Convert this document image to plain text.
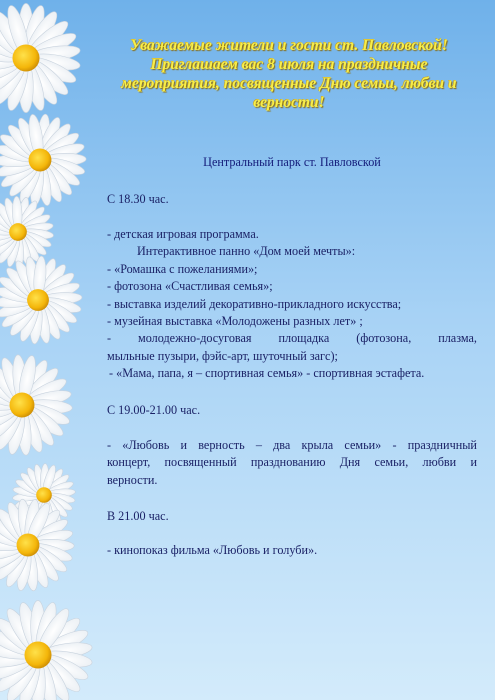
Уважаемые жители и гости ст. Павловской!
Приглашаем вас 8 июля на праздничные
мероприятия, посвященные Дню семьи, любви и
верности!
Центральный парк ст. Павловской
С 18.30 час.
- детская игровая программа.
Интерактивное панно «Дом моей мечты»:
- «Ромашка с пожеланиями»;
- фотозона «Счастливая семья»;
- выставка изделий декоративно-прикладного искусства;
- музейная выставка «Молодожены разных лет» ;
- молодежно-досуговая площадка (фотозона, плазма,
мыльные пузыри, фэйс-арт, шуточный загс);
- «Мама, папа, я – спортивная семья» - спортивная эстафета.
С 19.00-21.00 час.
- «Любовь и верность – два крыла семьи» - праздничный
концерт, посвященный празднованию Дня семьи, любви и
верности.
В 21.00 час.
- кинопоказ фильма «Любовь и голуби».
